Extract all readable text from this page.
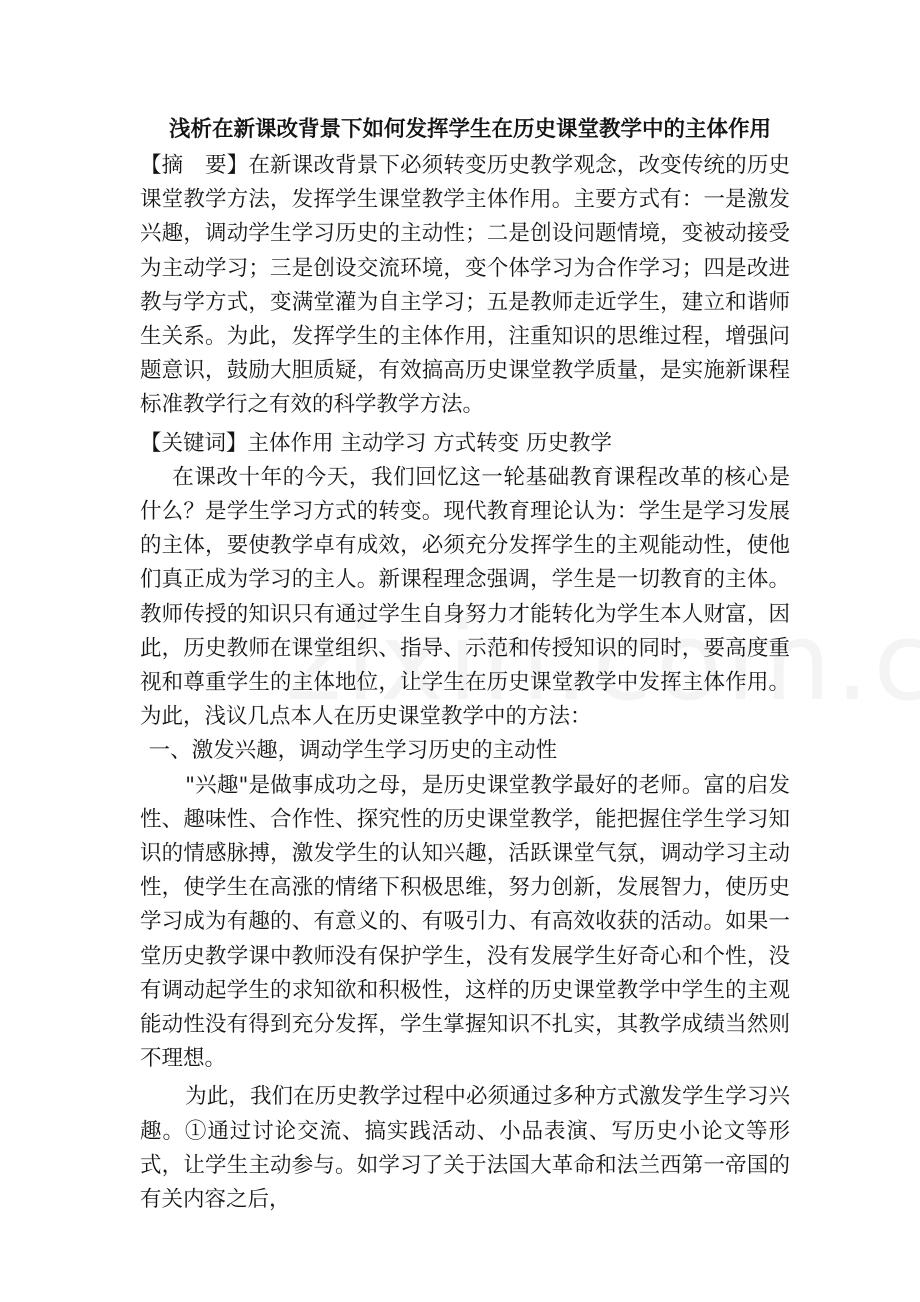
浅析在新课改背景下如何发挥学生在历史课堂教学中的主体作用
【摘　要】在新课改背景下必须转变历史教学观念，改变传统的历史课堂教学方法，发挥学生课堂教学主体作用。主要方式有：一是激发兴趣，调动学生学习历史的主动性；二是创设问题情境，变被动接受为主动学习；三是创设交流环境，变个体学习为合作学习；四是改进教与学方式，变满堂灌为自主学习；五是教师走近学生，建立和谐师生关系。为此，发挥学生的主体作用，注重知识的思维过程，增强问题意识，鼓励大胆质疑，有效搞高历史课堂教学质量，是实施新课程标准教学行之有效的科学教学方法。
【关键词】主体作用 主动学习 方式转变 历史教学
在课改十年的今天，我们回忆这一轮基础教育课程改革的核心是什么？是学生学习方式的转变。现代教育理论认为：学生是学习发展的主体，要使教学卓有成效，必须充分发挥学生的主观能动性，使他们真正成为学习的主人。新课程理念强调，学生是一切教育的主体。教师传授的知识只有通过学生自身努力才能转化为学生本人财富，因此，历史教师在课堂组织、指导、示范和传授知识的同时，要高度重视和尊重学生的主体地位，让学生在历史课堂教学中发挥主体作用。为此，浅议几点本人在历史课堂教学中的方法：
一、激发兴趣，调动学生学习历史的主动性
"兴趣"是做事成功之母，是历史课堂教学最好的老师。富的启发性、趣味性、合作性、探究性的历史课堂教学，能把握住学生学习知识的情感脉搏，激发学生的认知兴趣，活跃课堂气氛，调动学习主动性，使学生在高涨的情绪下积极思维，努力创新，发展智力，使历史学习成为有趣的、有意义的、有吸引力、有高效收获的活动。如果一堂历史教学课中教师没有保护学生，没有发展学生好奇心和个性，没有调动起学生的求知欲和积极性，这样的历史课堂教学中学生的主观能动性没有得到充分发挥，学生掌握知识不扎实，其教学成绩当然则不理想。
为此，我们在历史教学过程中必须通过多种方式激发学生学习兴趣。①通过讨论交流、搞实践活动、小品表演、写历史小论文等形式，让学生主动参与。如学习了关于法国大革命和法兰西第一帝国的有关内容之后，
